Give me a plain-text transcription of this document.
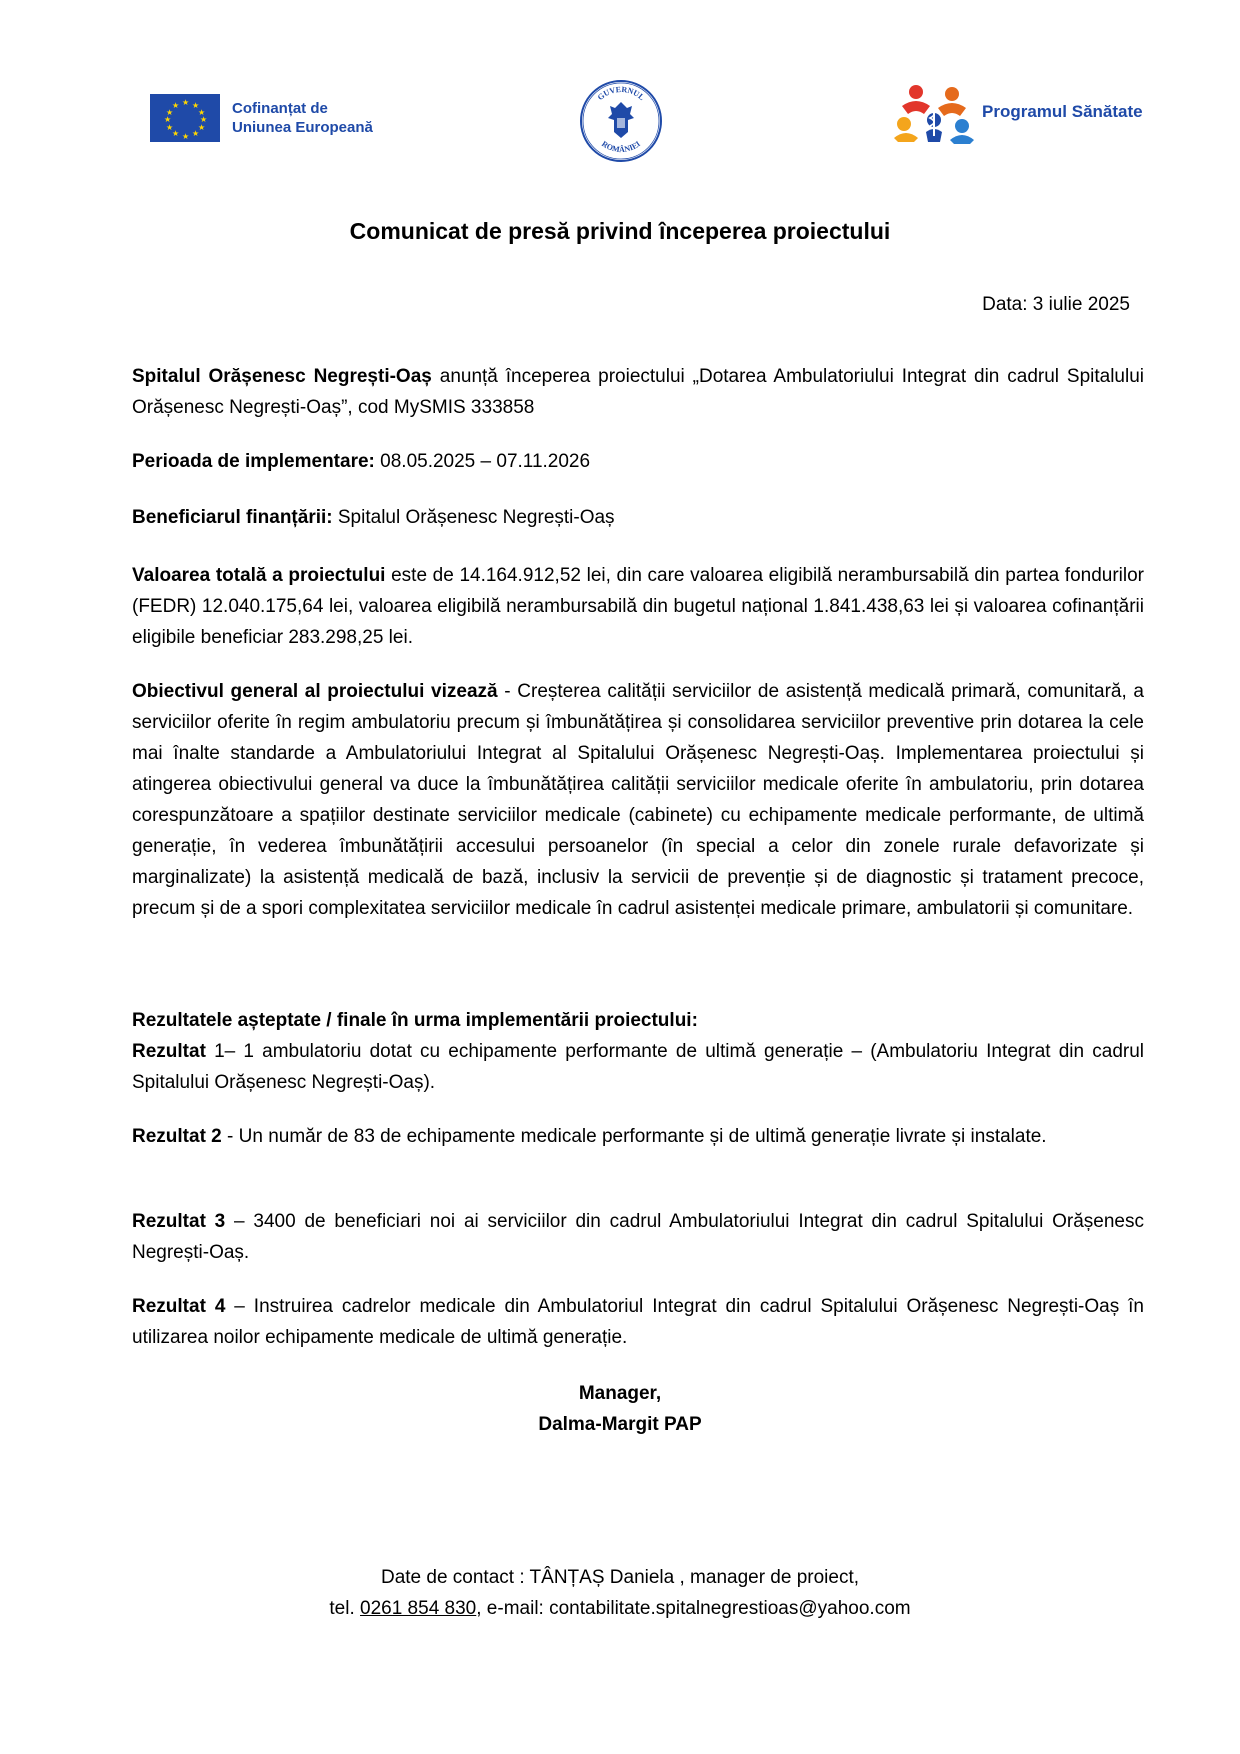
★ ★
★
★
★
★
★
★
★
★
★
★	Cofinanțat de
Uniunea Europeană
GUVERNUL
ROMÂNIEI
Programul Sănătate
Comunicat de presă privind începerea proiectului
Data: 3 iulie 2025

Spitalul Orășenesc Negrești-Oaș anunță începerea proiectului „Dotarea Ambulatoriului Integrat din cadrul Spitalului Orășenesc Negrești-Oaș”, cod MySMIS 333858

Perioada de implementare: 08.05.2025 – 07.11.2026

Beneficiarul finanțării: Spitalul Orășenesc Negrești-Oaș

Valoarea totală a proiectului este de 14.164.912,52 lei, din care valoarea eligibilă nerambursabilă din partea fondurilor (FEDR) 12.040.175,64 lei, valoarea eligibilă nerambursabilă din bugetul național 1.841.438,63 lei și valoarea cofinanțării eligibile beneficiar 283.298,25 lei.

Obiectivul general al proiectului vizează - Creșterea calității serviciilor de asistență medicală primară, comunitară, a serviciilor oferite în regim ambulatoriu precum și îmbunătățirea și consolidarea serviciilor preventive prin dotarea la cele mai înalte standarde a Ambulatoriului Integrat al Spitalului Orășenesc Negrești-Oaș. Implementarea proiectului și atingerea obiectivului general va duce la îmbunătățirea calității serviciilor medicale oferite în ambulatoriu, prin dotarea corespunzătoare a spațiilor destinate serviciilor medicale (cabinete) cu echipamente medicale performante, de ultimă generație, în vederea îmbunătățirii accesului persoanelor (în special a celor din zonele rurale defavorizate și marginalizate) la asistență medicală de bază, inclusiv la servicii de prevenție și de diagnostic și tratament precoce, precum și de a spori complexitatea serviciilor medicale în cadrul asistenței medicale primare, ambulatorii și comunitare.

Rezultatele așteptate / finale în urma implementării proiectului:

Rezultat 1– 1 ambulatoriu dotat cu echipamente performante de ultimă generație – (Ambulatoriu Integrat din cadrul Spitalului Orășenesc Negrești-Oaș).

Rezultat 2 - Un număr de 83 de echipamente medicale performante și de ultimă generație livrate și instalate.

Rezultat 3 – 3400 de beneficiari noi ai serviciilor din cadrul Ambulatoriului Integrat din cadrul Spitalului Orășenesc Negrești-Oaș.

Rezultat 4 – Instruirea cadrelor medicale din Ambulatoriul Integrat din cadrul Spitalului Orășenesc Negrești-Oaș în utilizarea noilor echipamente medicale de ultimă generație.

Manager,
Dalma-Margit PAP
Date de contact : TÂNȚAȘ Daniela , manager de proiect,
tel. 0261 854 830, e-mail: contabilitate.spitalnegrestioas@yahoo.com
